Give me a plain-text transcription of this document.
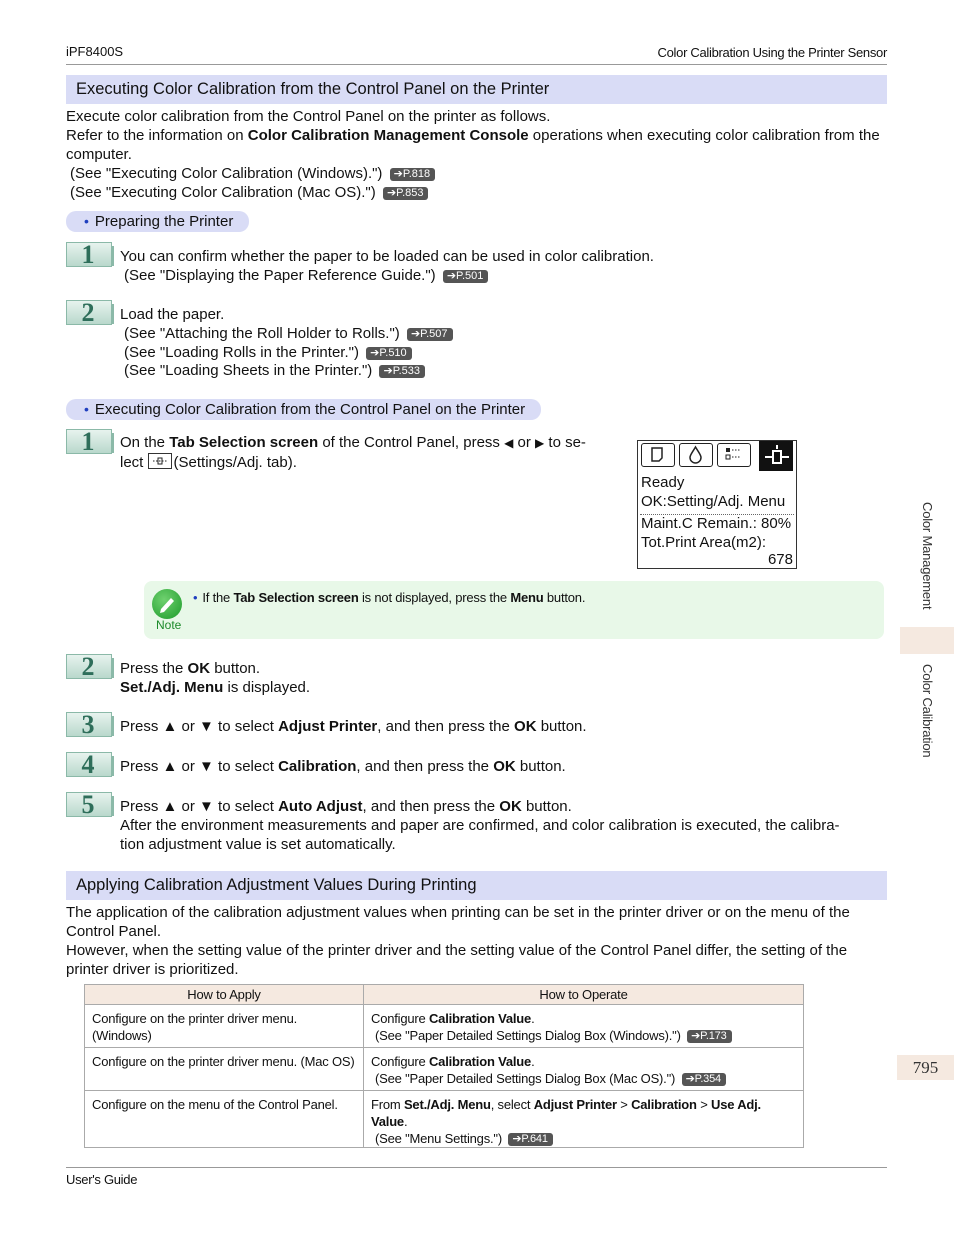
iPF8400S	Color Calibration Using the Printer Sensor
Executing Color Calibration from the Control Panel on the Printer
Execute color calibration from the Control Panel on the printer as follows.
Refer to the information on Color Calibration Management Console operations when executing color calibration from the computer.
(See "Executing Color Calibration (Windows).") ➔P.818
(See "Executing Color Calibration (Mac OS).") ➔P.853
• Preparing the Printer
1	You can confirm whether the paper to be loaded can be used in color calibration.
(See "Displaying the Paper Reference Guide.") ➔P.501
2	Load the paper.
(See "Attaching the Roll Holder to Rolls.") ➔P.507
(See "Loading Rolls in the Printer.") ➔P.510
(See "Loading Sheets in the Printer.") ➔P.533
• Executing Color Calibration from the Control Panel on the Printer
1	On the Tab Selection screen of the Control Panel, press ◀ or ▶ to se-
lect
(Settings/Adj. tab).
Ready
OK:Setting/Adj. Menu
Maint.C Remain.: 80%
Tot.Print Area(m2):
678
Note
• If the Tab Selection screen is not displayed, press the Menu button.
2	Press the OK button.
Set./Adj. Menu is displayed.
3	Press ▲ or ▼ to select Adjust Printer, and then press the OK button.
4	Press ▲ or ▼ to select Calibration, and then press the OK button.
5	Press ▲ or ▼ to select Auto Adjust, and then press the OK button.
After the environment measurements and paper are confirmed, and color calibration is executed, the calibra-
tion adjustment value is set automatically.
Applying Calibration Adjustment Values During Printing
The application of the calibration adjustment values when printing can be set in the printer driver or on the menu of the Control Panel.
However, when the setting value of the printer driver and the setting value of the Control Panel differ, the setting of the printer driver is prioritized.
How to Apply	How to Operate
Configure on the printer driver menu. (Windows)	Configure Calibration Value.
(See "Paper Detailed Settings Dialog Box (Windows).") ➔P.173

Configure on the printer driver menu. (Mac OS)	Configure Calibration Value.
(See "Paper Detailed Settings Dialog Box (Mac OS).") ➔P.354

Configure on the menu of the Control Panel.	From Set./Adj. Menu, select Adjust Printer > Calibration > Use Adj. Value.
(See "Menu Settings.") ➔P.641
Color Management
Color Calibration
795
User's Guide
